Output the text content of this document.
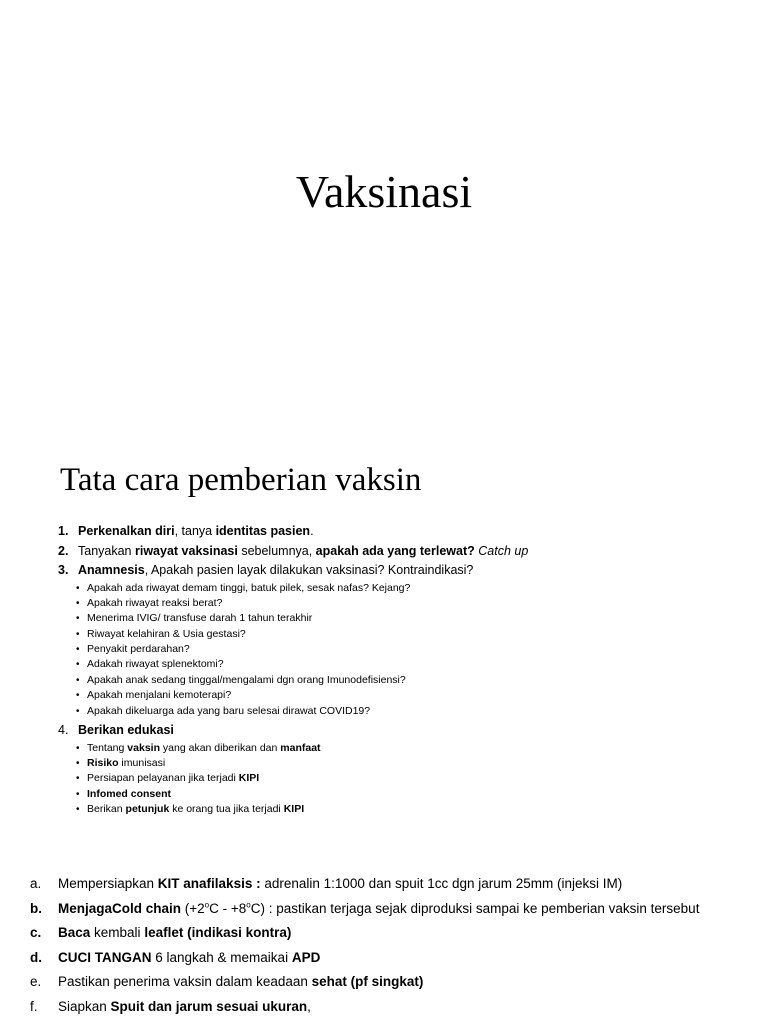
Vaksinasi
Tata cara pemberian vaksin
1. Perkenalkan diri, tanya identitas pasien.
2. Tanyakan riwayat vaksinasi sebelumnya, apakah ada yang terlewat? Catch up
3. Anamnesis, Apakah pasien layak dilakukan vaksinasi? Kontraindikasi?
• Apakah ada riwayat demam tinggi, batuk pilek, sesak nafas? Kejang?
• Apakah riwayat reaksi berat?
• Menerima IVIG/ transfuse darah 1 tahun terakhir
• Riwayat kelahiran & Usia gestasi?
• Penyakit perdarahan?
• Adakah riwayat splenektomi?
• Apakah anak sedang tinggal/mengalami dgn orang Imunodefisiensi?
• Apakah menjalani kemoterapi?
• Apakah dikeluarga ada yang baru selesai dirawat COVID19?
4. Berikan edukasi
• Tentang vaksin yang akan diberikan dan manfaat
• Risiko imunisasi
• Persiapan pelayanan jika terjadi KIPI
• Infomed consent
• Berikan petunjuk ke orang tua jika terjadi KIPI
a.	Mempersiapkan KIT anafilaksis : adrenalin 1:1000 dan spuit 1cc dgn jarum 25mm (injeksi IM)
b.	MenjagaCold chain $(+2^oC - +8^oC)$ : pastikan terjaga sejak diproduksi sampai ke pemberian vaksin tersebut
c.	Baca kembali leaflet (indikasi kontra)
d.	CUCI TANGAN 6 langkah & memaikai APD
e.	Pastikan penerima vaksin dalam keadaan sehat (pf singkat)
f.	Siapkan Spuit dan jarum sesuai ukuran,
